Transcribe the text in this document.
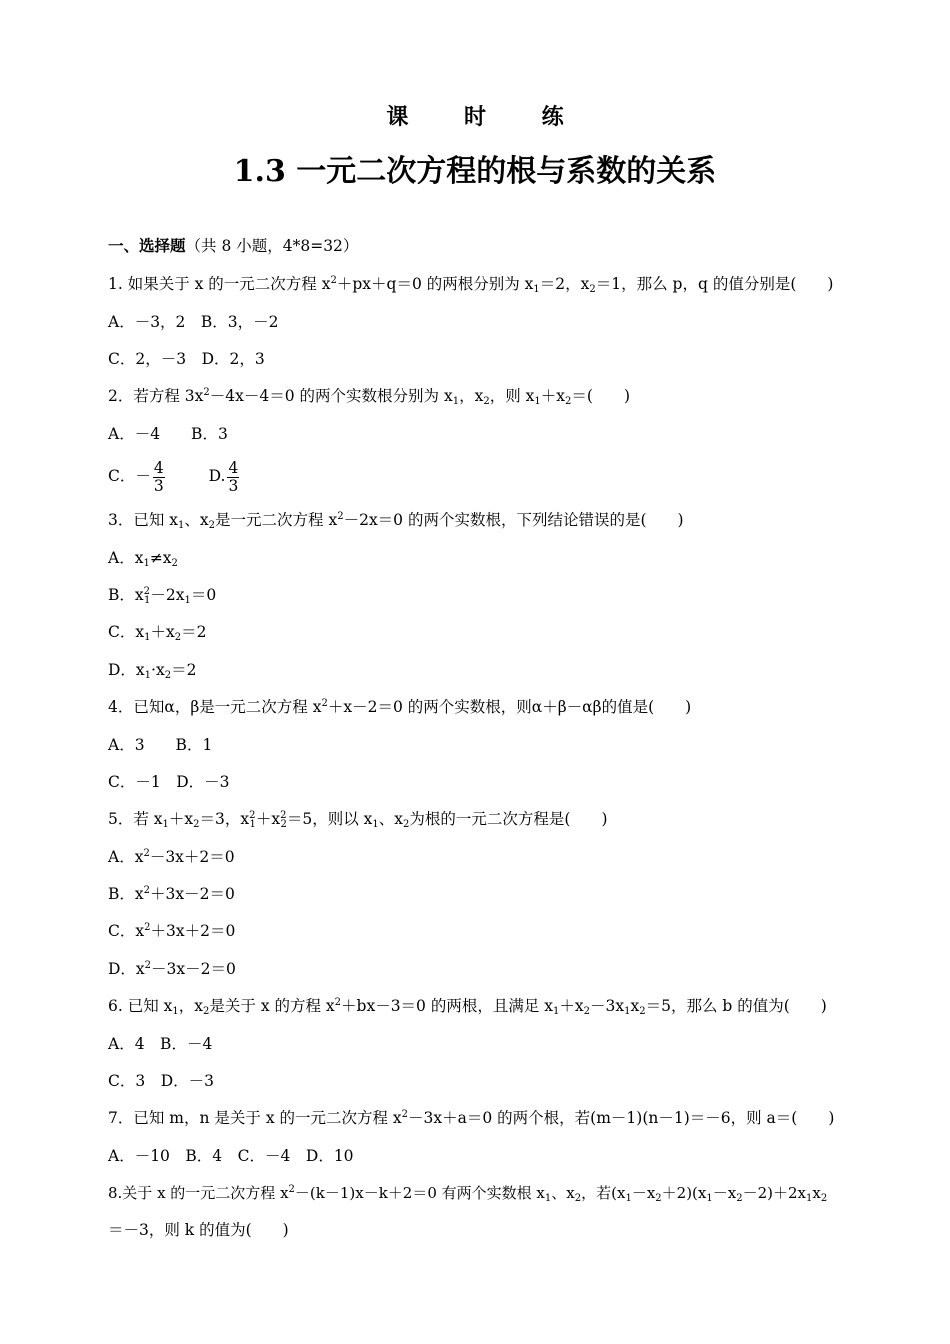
课 时 练
1.3 一元二次方程的根与系数的关系
一、选择题（共 8 小题，4*8=32）
1. 如果关于 x 的一元二次方程 $x^2+px+q=0$ 的两根分别为 $x_1=2$，$x_2=1$，那么 p，q 的值分别是(　　)
A．－3，2　B．3，－2
C．2，－3　D．2，3
2．若方程 $3x^2-4x-4=0$ 的两个实数根分别为 $x_1$，$x_2$，则 $x_1+x_2=$(　　)
A．－4　　B．3
C．－ $\frac{4}{3}$	D. $\frac{4}{3}$
3．已知 $x_1$、$x_2$是一元二次方程 $x^2-2x=0$ 的两个实数根，下列结论错误的是(　　)
A．$x_1\ne x_2$
B．$x^2_1-2x_1=0$
C．$x_1+x_2=2$
D．$x_1\cdot x_2=2$
4．已知α，β是一元二次方程 $x^2+x-2=0$ 的两个实数根，则α＋β－αβ的值是(　　)
A．3　　B．1
C．－1　D．－3
5．若 $x_1+x_2=3$，$x^2_1+x^2_2=5$，则以 $x_1$、$x_2$为根的一元二次方程是(　　)
A．$x^2-3x+2=0$
B．$x^2+3x-2=0$
C．$x^2+3x+2=0$
D．$x^2-3x-2=0$
6. 已知 $x_1$，$x_2$是关于 x 的方程 $x^2+bx-3=0$ 的两根，且满足 $x_1+x_2-3x_1x_2=5$，那么 b 的值为(　　)
A．4　B．－4
C．3　D．－3
7．已知 m，n 是关于 x 的一元二次方程 $x^2-3x+a=0$ 的两个根，若(m－1)(n－1)＝－6，则 a＝(　　)
A．－10　B．4　C．－4　D．10
8.关于 x 的一元二次方程 $x^2-(k-1)x-k+2=0$ 有两个实数根 $x_1$、$x_2$，若$(x_1-x_2+2)(x_1-x_2-2)+2x_1x_2$
＝－3，则 k 的值为(　　)
